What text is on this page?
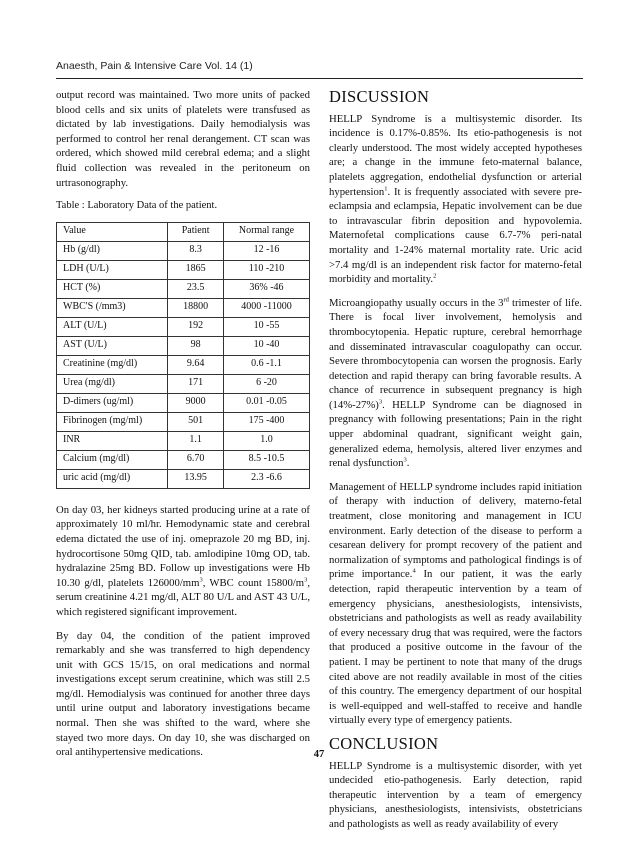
Anaesth, Pain & Intensive Care Vol. 14 (1)

output record was maintained. Two more units of packed blood cells and six units of platelets were transfused as dictated by lab investigations. Daily hemodialysis was performed to control her renal derangement. CT scan was ordered, which showed mild cerebral edema; and a slight fluid collection was revealed in the peritoneum on urtrasonography.

Table : Laboratory Data of the patient.
Value	Patient	Normal range
Hb (g/dl)	8.3	12 -16
LDH (U/L)	1865	110 -210
HCT (%)	23.5	36% -46
WBC'S (/mm3)	18800	4000 -11000
ALT (U/L)	192	10 -55
AST (U/L)	98	10 -40
Creatinine (mg/dl)	9.64	0.6 -1.1
Urea (mg/dl)	171	6 -20
D-dimers (ug/ml)	9000	0.01 -0.05
Fibrinogen (mg/ml)	501	175 -400
INR	1.1	1.0
Calcium (mg/dl)	6.70	8.5 -10.5
uric acid (mg/dl)	13.95	2.3 -6.6

On day 03, her kidneys started producing urine at a rate of approximately 10 ml/hr. Hemodynamic state and cerebral edema dictated the use of inj. omeprazole 20 mg BD, inj. hydrocortisone 50mg QID, tab. amlodipine 10mg OD, tab. hydralazine 25mg BD. Follow up investigations were Hb 10.30 g/dl, platelets $126000/mm^3$, WBC count $15800/m^3$, serum creatinine 4.21 mg/dl, ALT 80 U/L and AST 43 U/L, which registered significant improvement.

By day 04, the condition of the patient improved remarkably and she was transferred to high dependency unit with GCS 15/15, on oral medications and normal investigations except serum creatinine, which was still 2.5 mg/dl. Hemodialysis was continued for another three days until urine output and laboratory investigations became normal. Then she was shifted to the ward, where she stayed two more days. On day 10, she was discharged on oral antihypertensive medications.

DISCUSSION

HELLP Syndrome is a multisystemic disorder. Its incidence is 0.17%-0.85%. Its etio-pathogenesis is not clearly understood. The most widely accepted hypotheses are; a change in the immune feto-maternal balance, platelets aggregation, endothelial dysfunction or arterial hypertension$^1$. It is frequently associated with severe pre-eclampsia and eclampsia, Hepatic involvement can be due to intravascular fibrin deposition and hypovolemia. Maternofetal complications cause 6.7-7% peri-natal mortality and 1-24% maternal mortality rate. Uric acid >7.4 mg/dl is an independent risk factor for materno-fetal morbidity and mortality.$^2$

Microangiopathy usually occurs in the 3rd trimester of life. There is focal liver involvement, hemolysis and thrombocytopenia. Hepatic rupture, cerebral hemorrhage and disseminated intravascular coagulopathy can occur. Severe thrombocytopenia can worsen the prognosis. Early detection and rapid therapy can bring favorable results. A chance of recurrence in subsequent pregnancy is high $(14\%-27\%)^3$. HELLP Syndrome can be diagnosed in pregnancy with following presentations; Pain in the right upper abdominal quadrant, significant weight gain, generalized edema, hemolysis, altered liver enzymes and renal dysfunction$^3$.

Management of HELLP syndrome includes rapid initiation of therapy with induction of delivery, materno-fetal treatment, close monitoring and management in ICU environment. Early detection of the disease to perform a cesarean delivery for prompt recovery of the patient and normalization of symptoms and pathological findings is of prime importance.$^4$ In our patient, it was the early detection, rapid therapeutic intervention by a team of emergency physicians, anesthesiologists, intensivists, obstetricians and pathologists as well as ready availability of every necessary drug that was required, were the factors that produced a positive outcome in the favour of the patient. I may be pertinent to note that many of the drugs cited above are not readily available in most of the cities of this country. The emergency department of our hospital is well-equipped and well-staffed to receive and handle virtually every type of emergency patients.

CONCLUSION

HELLP Syndrome is a multisystemic disorder, with yet undecided etio-pathogenesis. Early detection, rapid therapeutic intervention by a team of emergency physicians, anesthesiologists, intensivists, obstetricians and pathologists as well as ready availability of every

47
